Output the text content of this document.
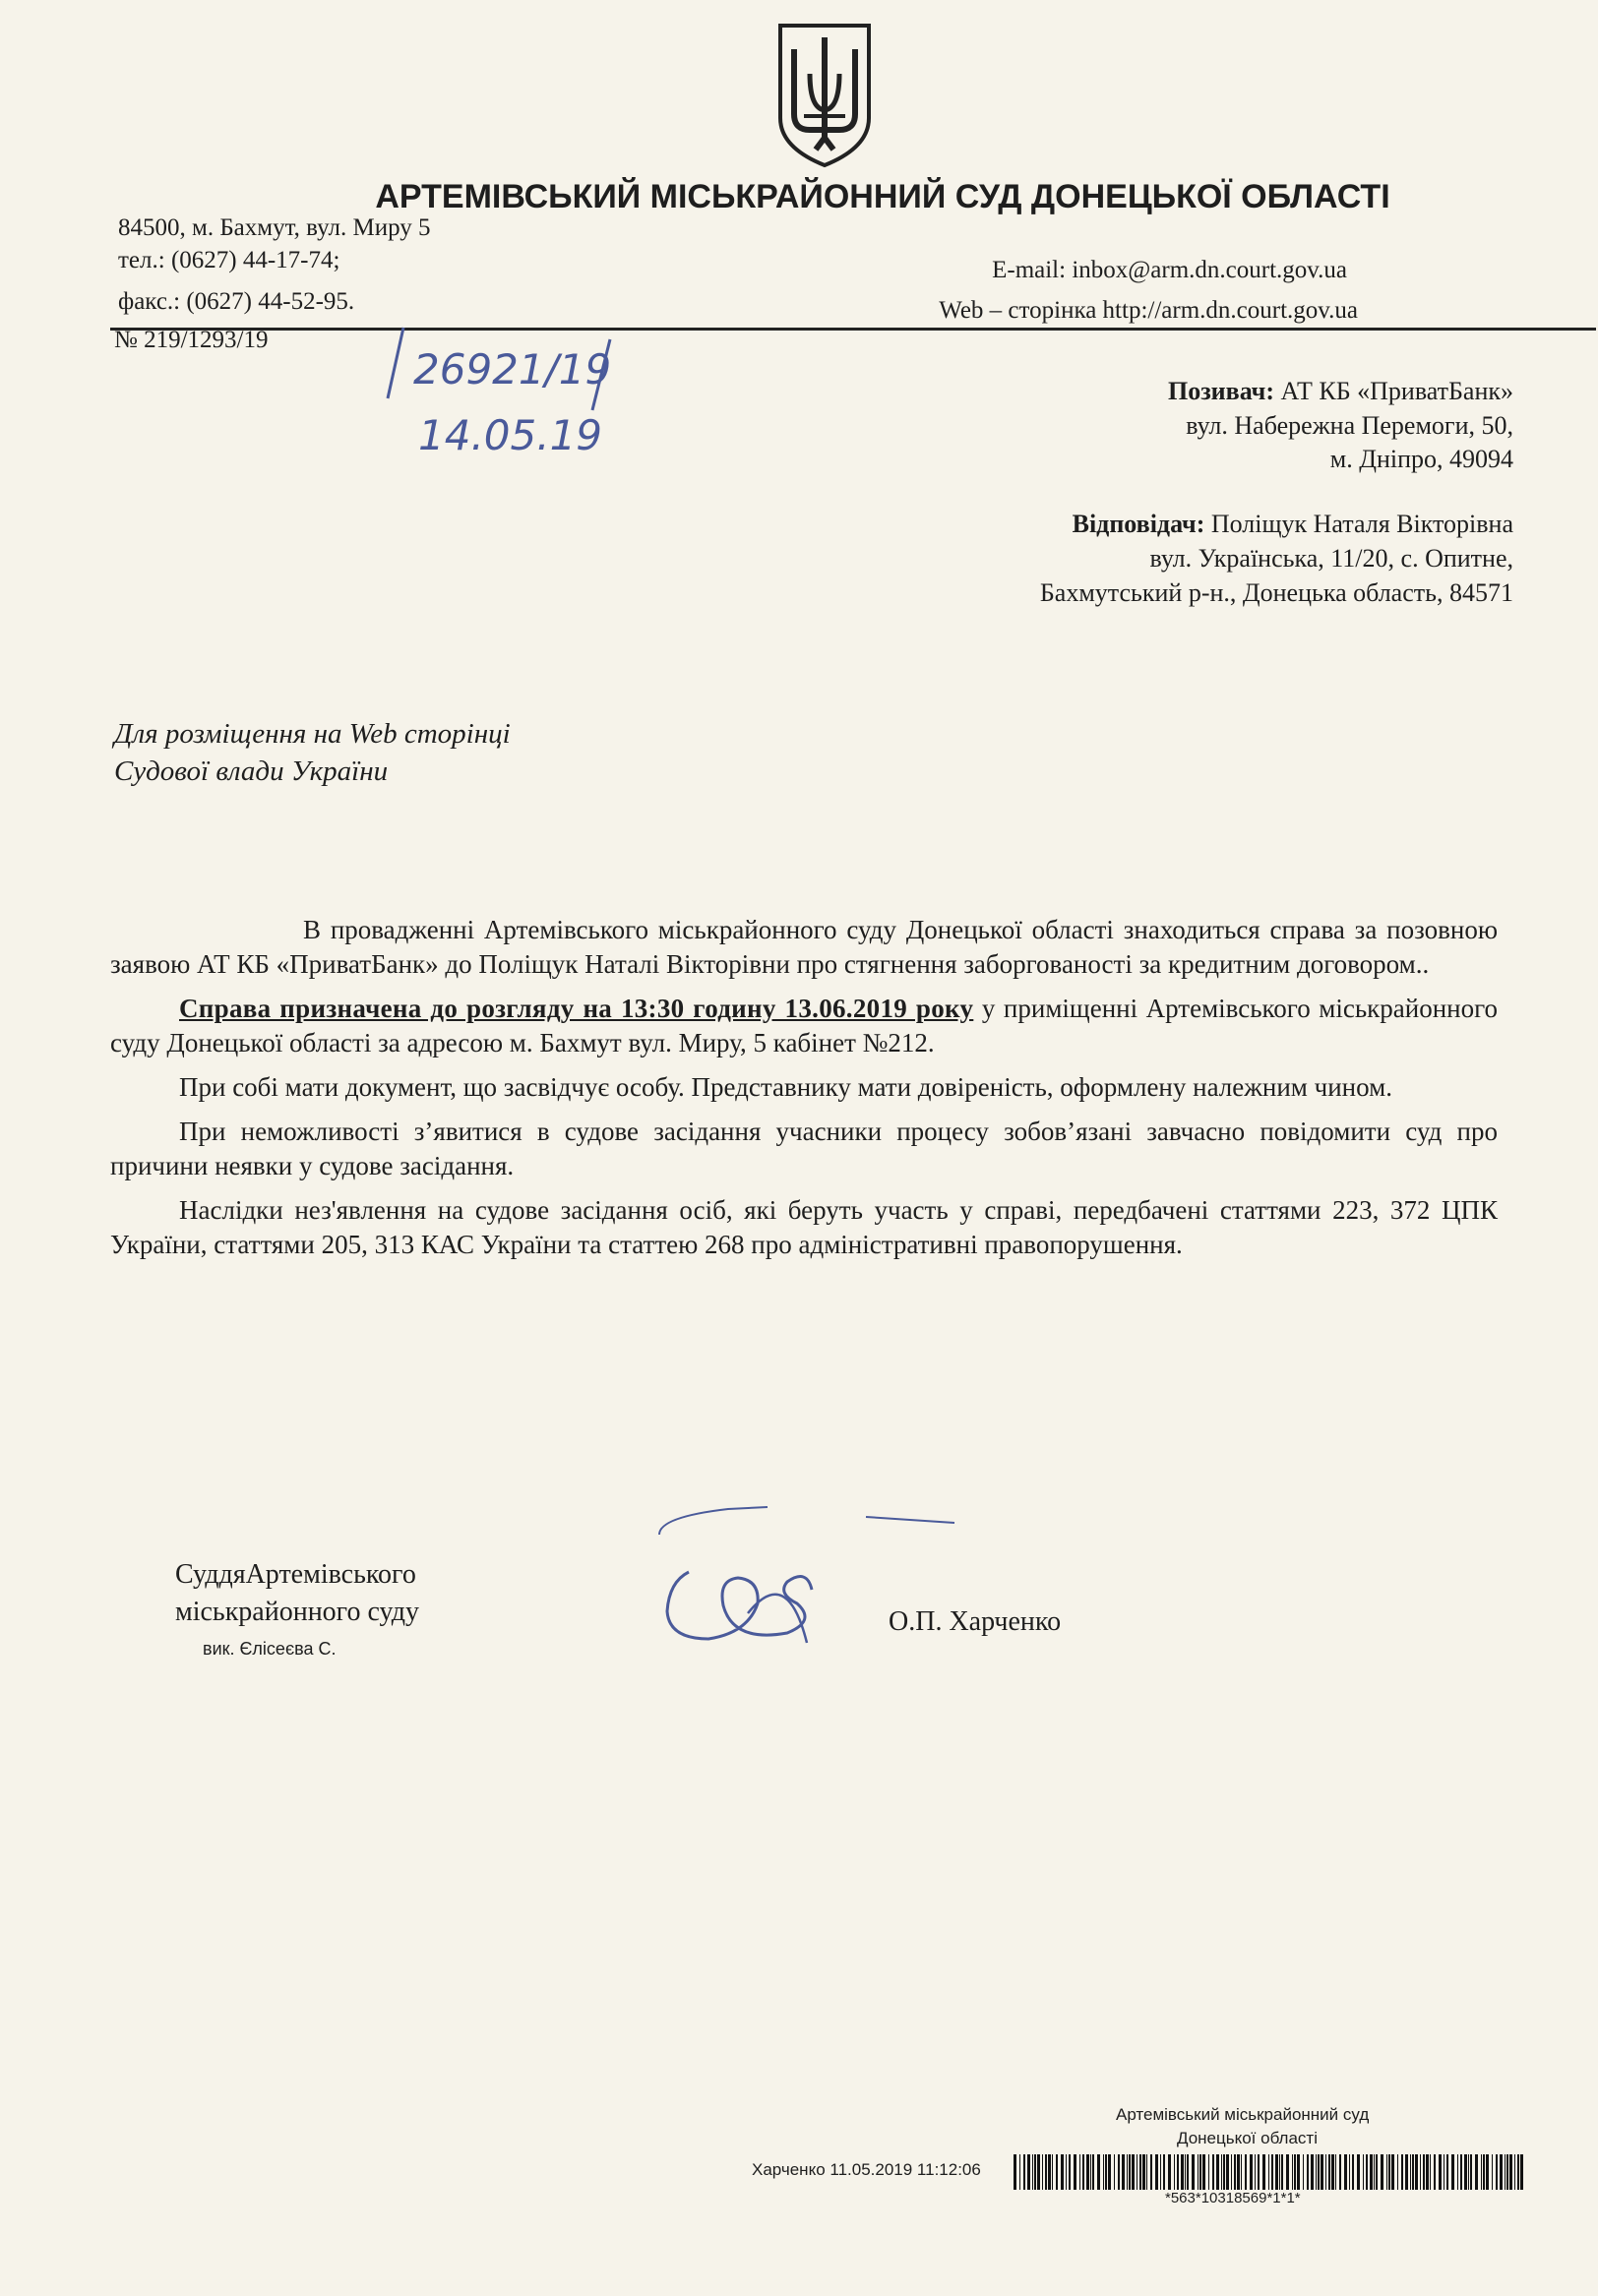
АРТЕМІВСЬКИЙ МІСЬКРАЙОННИЙ СУД ДОНЕЦЬКОЇ ОБЛАСТІ
84500, м. Бахмут, вул. Миру 5
тел.: (0627) 44-17-74;
факс.: (0627) 44-52-95.
E-mail: inbox@arm.dn.court.gov.ua
Web – сторінка http://arm.dn.court.gov.ua
№ 219/1293/19
26921/19
14.05.19
Позивач: АТ КБ «ПриватБанк»
вул. Набережна Перемоги, 50,
м. Дніпро, 49094
Відповідач: Поліщук Наталя Вікторівна
вул. Українська, 11/20, с. Опитне,
Бахмутський р-н., Донецька область, 84571
Для розміщення на Web сторінці
Судової влади України

В провадженні Артемівського міськрайонного суду Донецької області знаходиться справа за позовною заявою АТ КБ «ПриватБанк» до Поліщук Наталі Вікторівни про стягнення заборгованості за кредитним договором..

Справа призначена до розгляду на 13:30 годину 13.06.2019 року у приміщенні Артемівського міськрайонного суду Донецької області за адресою м. Бахмут вул. Миру, 5 кабінет №212.

При собі мати документ, що засвідчує особу. Представнику мати довіреність, оформлену належним чином.

При неможливості з’явитися в судове засідання учасники процесу зобов’язані завчасно повідомити суд про причини неявки у судове засідання.

Наслідки нез'явлення на судове засідання осіб, які беруть участь у справі, передбачені статтями 223, 372 ЦПК України, статтями 205, 313 КАС України та статтею 268 про адміністративні правопорушення.

СуддяАртемівського
міськрайонного суду
вик. Єлісеєва С.
О.П. Харченко
Артемівський міськрайонний суд
Донецької області
Харченко 11.05.2019 11:12:06
*563*10318569*1*1*
